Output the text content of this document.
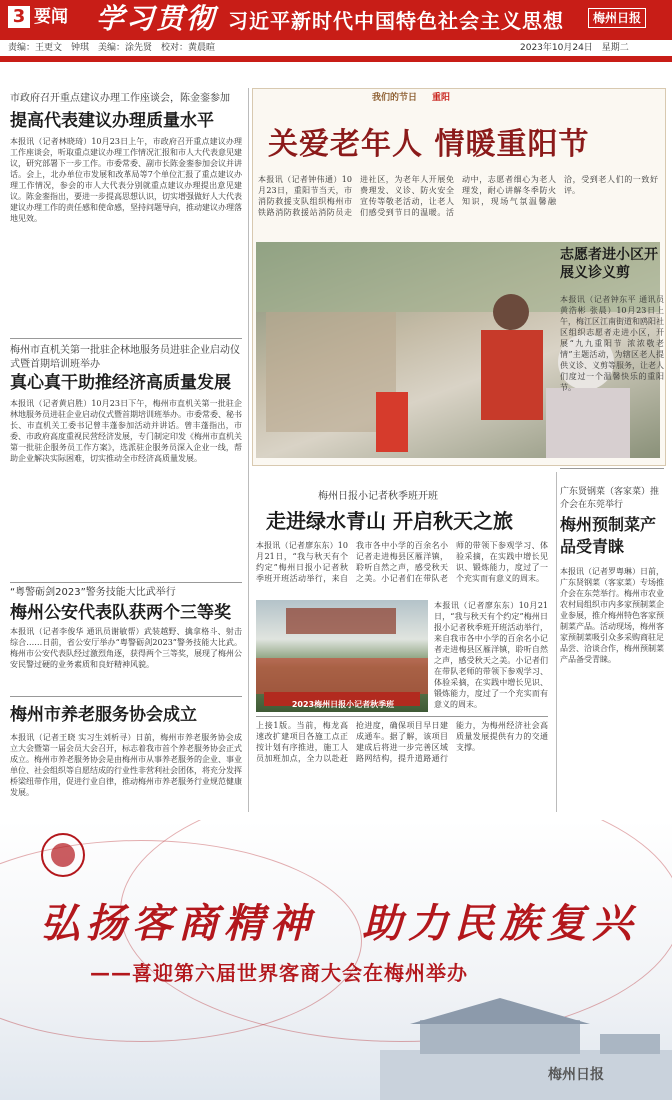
3 要闻 学习贯彻 习近平新时代中国特色社会主义思想	梅州日报
责编：王更文　钟琪　美编：涂先贤　校对：黄晨暄	2023年10月24日　星期二
市政府召开重点建议办理工作座谈会，陈金銮参加
提高代表建议办理质量水平
本报讯（记者林晓琦）10月23日上午，市政府召开重点建议办理工作座谈会，听取重点建议办理工作情况汇报和市人大代表意见建议，研究部署下一步工作。市委常委、副市长陈金銮参加会议并讲话。会上，北办单位市发展和改革局等7个单位汇报了重点建议办理工作情况，参会的市人大代表分别就重点建议办理提出意见建议。陈金銮指出，要进一步提高思想认识，切实增强做好人大代表建议办理工作的责任感和使命感，坚持问题导向，推动建议办理落地见效。
梅州市直机关第一批驻企林地服务员进驻企业启动仪式暨首期培训班举办
真心真干助推经济高质量发展
本报讯（记者黄启胜）10月23日下午，梅州市直机关第一批驻企林地服务员进驻企业启动仪式暨首期培训班举办。市委常委、秘书长、市直机关工委书记曾丰蓬参加活动并讲话。曾丰蓬指出，市委、市政府高度重视民营经济发展，专门制定印发《梅州市直机关第一批驻企服务员工作方案》，选派驻企服务员深入企业一线，帮助企业解决实际困难，切实推动全市经济高质量发展。
“粤警砺剑2023”警务技能大比武举行
梅州公安代表队获两个三等奖
本报讯（记者李俊华 通讯员谢敏帮）武装越野、擒拿格斗、射击综合……日前，省公安厅举办“粤警砺剑2023”警务技能大比武。梅州市公安代表队经过激烈角逐，获得两个三等奖，展现了梅州公安民警过硬的业务素质和良好精神风貌。
梅州市养老服务协会成立
本报讯（记者王晓 实习生刘析寻）日前，梅州市养老服务协会成立大会暨第一届会员大会召开，标志着我市首个养老服务协会正式成立。梅州市养老服务协会是由梅州市从事养老服务的企业、事业单位、社会组织等自愿结成的行业性非营利社会团体，将充分发挥桥梁纽带作用，促进行业自律，推动梅州市养老服务行业规范健康发展。
我们的节日 重阳
关爱老年人 情暖重阳节
本报讯（记者钟伟通）10月23日，重阳节当天，市消防救援支队组织梅州市铁路消防救援站消防员走进社区，为老年人开展免费理发、义诊、防火安全宣传等敬老活动，让老人们感受到节日的温暖。活动中，志愿者细心为老人理发，耐心讲解冬季防火知识，现场气氛温馨融洽，受到老人们的一致好评。
志愿者进小区开展义诊义剪
本报讯（记者钟东平 通讯员黄浩彬 张晨）10月23日上午，梅江区江南街道和鸥阳社区组织志愿者走进小区，开展“九九重阳节 浓浓敬老情”主题活动，为辖区老人提供义诊、义剪等服务，让老人们度过一个温馨快乐的重阳节。
广东贤钢菜（客家菜）推介会在东莞举行
梅州预制菜产品受青睐
本报讯（记者罗粤琳）日前，广东贤钢菜（客家菜）专场推介会在东莞举行。梅州市农业农村局组织市内多家预制菜企业参展，推介梅州特色客家预制菜产品。活动现场，梅州客家预制菜吸引众多采购商驻足品尝、洽谈合作，梅州预制菜产品备受青睐。
梅州日报小记者秋季班开班
走进绿水青山 开启秋天之旅
本报讯（记者廖东东）10月21日，“我与秋天有个约定”梅州日报小记者秋季班开班活动举行，来自我市各中小学的百余名小记者走进梅县区雁洋镇，聆听自然之声，感受秋天之美。小记者们在带队老师的带领下参观学习、体验采摘，在实践中增长见识、锻炼能力，度过了一个充实而有意义的周末。
2023梅州日报小记者秋季班
本报讯（记者廖东东）10月21日，“我与秋天有个约定”梅州日报小记者秋季班开班活动举行，来自我市各中小学的百余名小记者走进梅县区雁洋镇，聆听自然之声，感受秋天之美。小记者们在带队老师的带领下参观学习、体验采摘，在实践中增长见识、锻炼能力，度过了一个充实而有意义的周末。
上接1版。当前，梅龙高速改扩建项目各施工点正按计划有序推进，施工人员加班加点，全力以赴赶抢进度，确保项目早日建成通车。据了解，该项目建成后将进一步完善区域路网结构，提升道路通行能力，为梅州经济社会高质量发展提供有力的交通支撑。
弘扬客商精神　助力民族复兴
——喜迎第六届世界客商大会在梅州举办
梅州日报
